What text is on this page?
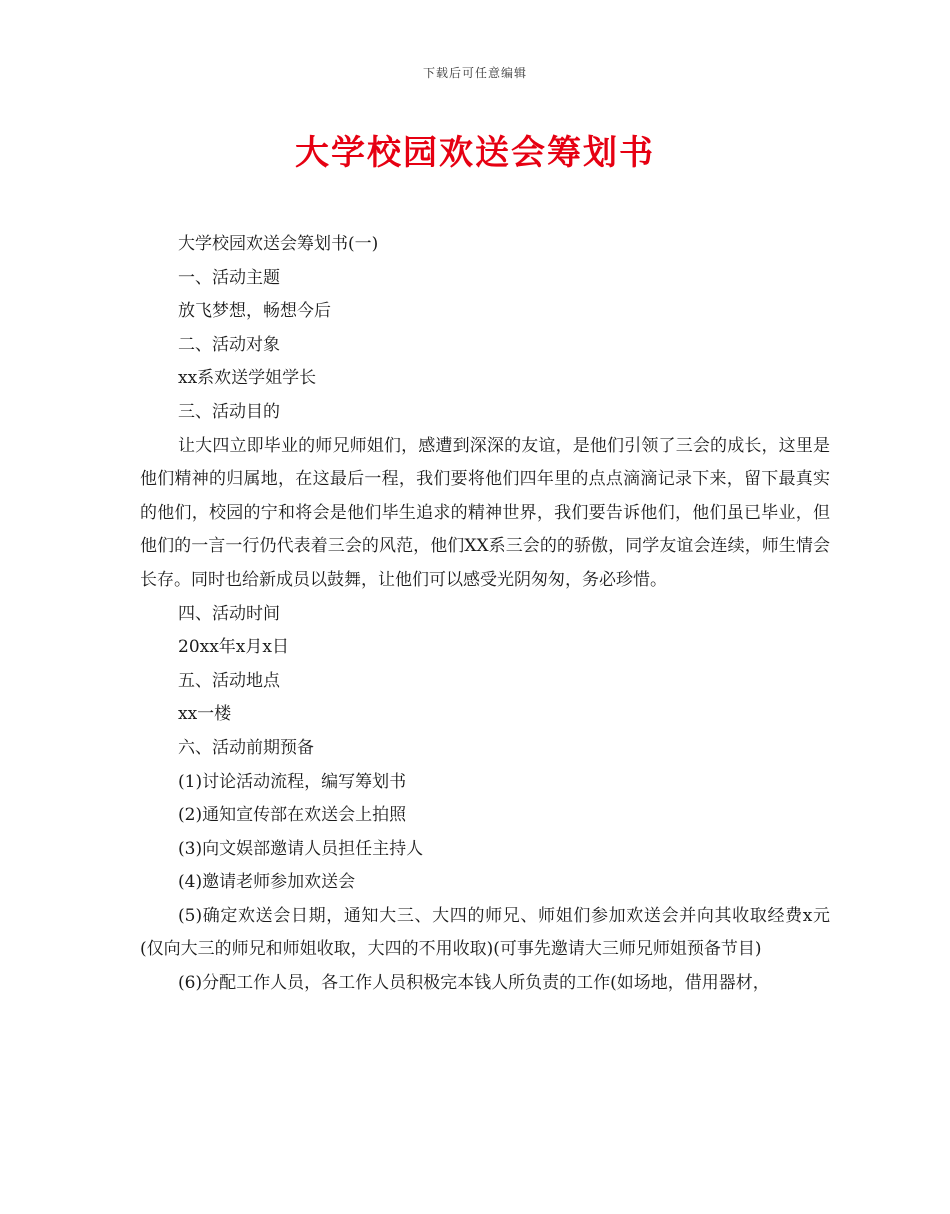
下载后可任意编辑
大学校园欢送会筹划书

大学校园欢送会筹划书(一)

一、活动主题

放飞梦想，畅想今后

二、活动对象

xx系欢送学姐学长

三、活动目的

让大四立即毕业的师兄师姐们，感遭到深深的友谊，是他们引领了三会的成长，这里是他们精神的归属地，在这最后一程，我们要将他们四年里的点点滴滴记录下来，留下最真实的他们，校园的宁和将会是他们毕生追求的精神世界，我们要告诉他们，他们虽已毕业，但他们的一言一行仍代表着三会的风范，他们XX系三会的的骄傲，同学友谊会连续，师生情会长存。同时也给新成员以鼓舞，让他们可以感受光阴匆匆，务必珍惜。

四、活动时间

20xx年x月x日

五、活动地点

xx一楼

六、活动前期预备

(1)讨论活动流程，编写筹划书

(2)通知宣传部在欢送会上拍照

(3)向文娱部邀请人员担任主持人

(4)邀请老师参加欢送会

(5)确定欢送会日期，通知大三、大四的师兄、师姐们参加欢送会并向其收取经费x元(仅向大三的师兄和师姐收取，大四的不用收取)(可事先邀请大三师兄师姐预备节目)

(6)分配工作人员，各工作人员积极完本钱人所负责的工作(如场地，借用器材，
